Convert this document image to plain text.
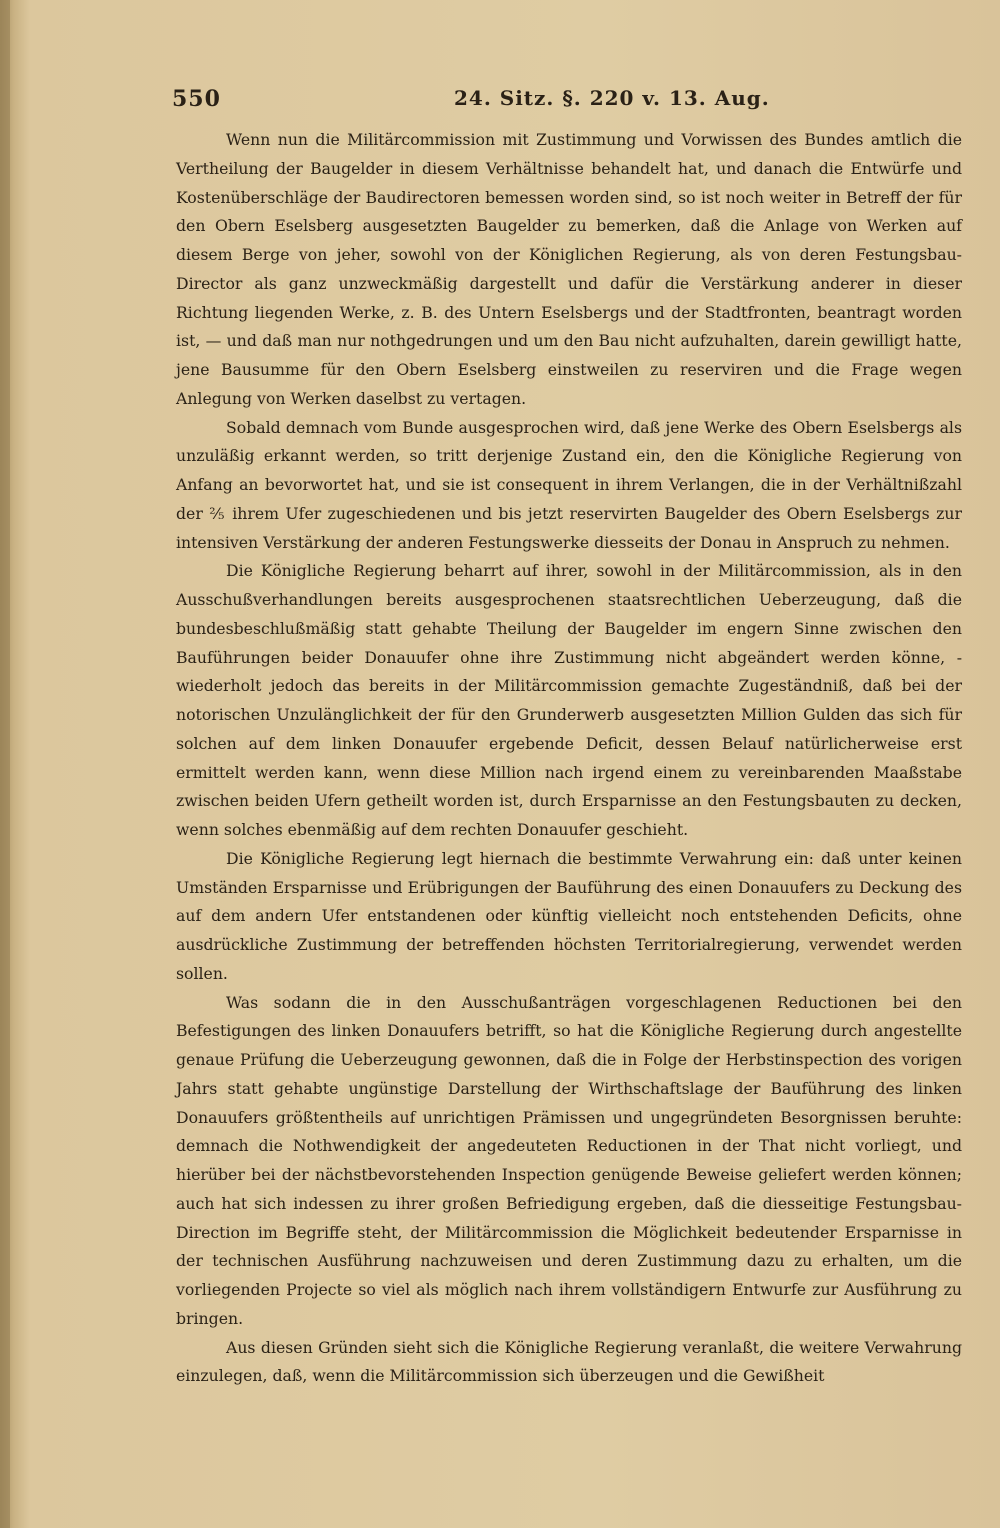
550	24. Sitz. §. 220 v. 13. Aug.

Wenn nun die Militärcommission mit Zustimmung und Vorwissen des Bundes amtlich die Vertheilung der Baugelder in diesem Verhältnisse behandelt hat, und danach die Entwürfe und Kostenüberschläge der Baudirectoren bemessen worden sind, so ist noch weiter in Betreff der für den Obern Eselsberg ausgesetzten Baugelder zu bemerken, daß die Anlage von Werken auf diesem Berge von jeher, sowohl von der Königlichen Regierung, als von deren Festungsbau-Director als ganz unzweckmäßig dargestellt und dafür die Verstärkung anderer in dieser Richtung liegenden Werke, z. B. des Untern Eselsbergs und der Stadtfronten, beantragt worden ist, — und daß man nur nothgedrungen und um den Bau nicht aufzuhalten, darein gewilligt hatte, jene Bausumme für den Obern Eselsberg einstweilen zu reserviren und die Frage wegen Anlegung von Werken daselbst zu vertagen.

Sobald demnach vom Bunde ausgesprochen wird, daß jene Werke des Obern Eselsbergs als unzuläßig erkannt werden, so tritt derjenige Zustand ein, den die Königliche Regierung von Anfang an bevorwortet hat, und sie ist consequent in ihrem Verlangen, die in der Verhältnißzahl der ⅖ ihrem Ufer zugeschiedenen und bis jetzt reservirten Baugelder des Obern Eselsbergs zur intensiven Verstärkung der anderen Festungswerke diesseits der Donau in Anspruch zu nehmen.

Die Königliche Regierung beharrt auf ihrer, sowohl in der Militärcommission, als in den Ausschußverhandlungen bereits ausgesprochenen staatsrechtlichen Ueberzeugung, daß die bundesbeschlußmäßig statt gehabte Theilung der Baugelder im engern Sinne zwischen den Bauführungen beider Donauufer ohne ihre Zustimmung nicht abgeändert werden könne, - wiederholt jedoch das bereits in der Militärcommission gemachte Zugeständniß, daß bei der notorischen Unzulänglichkeit der für den Grunderwerb ausgesetzten Million Gulden das sich für solchen auf dem linken Donauufer ergebende Deficit, dessen Belauf natürlicherweise erst ermittelt werden kann, wenn diese Million nach irgend einem zu vereinbarenden Maaßstabe zwischen beiden Ufern getheilt worden ist, durch Ersparnisse an den Festungsbauten zu decken, wenn solches ebenmäßig auf dem rechten Donauufer geschieht.

Die Königliche Regierung legt hiernach die bestimmte Verwahrung ein: daß unter keinen Umständen Ersparnisse und Erübrigungen der Bauführung des einen Donauufers zu Deckung des auf dem andern Ufer entstandenen oder künftig vielleicht noch entstehenden Deficits, ohne ausdrückliche Zustimmung der betreffenden höchsten Territorialregierung, verwendet werden sollen.

Was sodann die in den Ausschußanträgen vorgeschlagenen Reductionen bei den Befestigungen des linken Donauufers betrifft, so hat die Königliche Regierung durch angestellte genaue Prüfung die Ueberzeugung gewonnen, daß die in Folge der Herbstinspection des vorigen Jahrs statt gehabte ungünstige Darstellung der Wirthschaftslage der Bauführung des linken Donauufers größtentheils auf unrichtigen Prämissen und ungegründeten Besorgnissen beruhte: demnach die Nothwendigkeit der angedeuteten Reductionen in der That nicht vorliegt, und hierüber bei der nächstbevorstehenden Inspection genügende Beweise geliefert werden können; auch hat sich indessen zu ihrer großen Befriedigung ergeben, daß die diesseitige Festungsbau-Direction im Begriffe steht, der Militärcommission die Möglichkeit bedeutender Ersparnisse in der technischen Ausführung nachzuweisen und deren Zustimmung dazu zu erhalten, um die vorliegenden Projecte so viel als möglich nach ihrem vollständigern Entwurfe zur Ausführung zu bringen.

Aus diesen Gründen sieht sich die Königliche Regierung veranlaßt, die weitere Verwahrung einzulegen, daß, wenn die Militärcommission sich überzeugen und die Gewißheit
